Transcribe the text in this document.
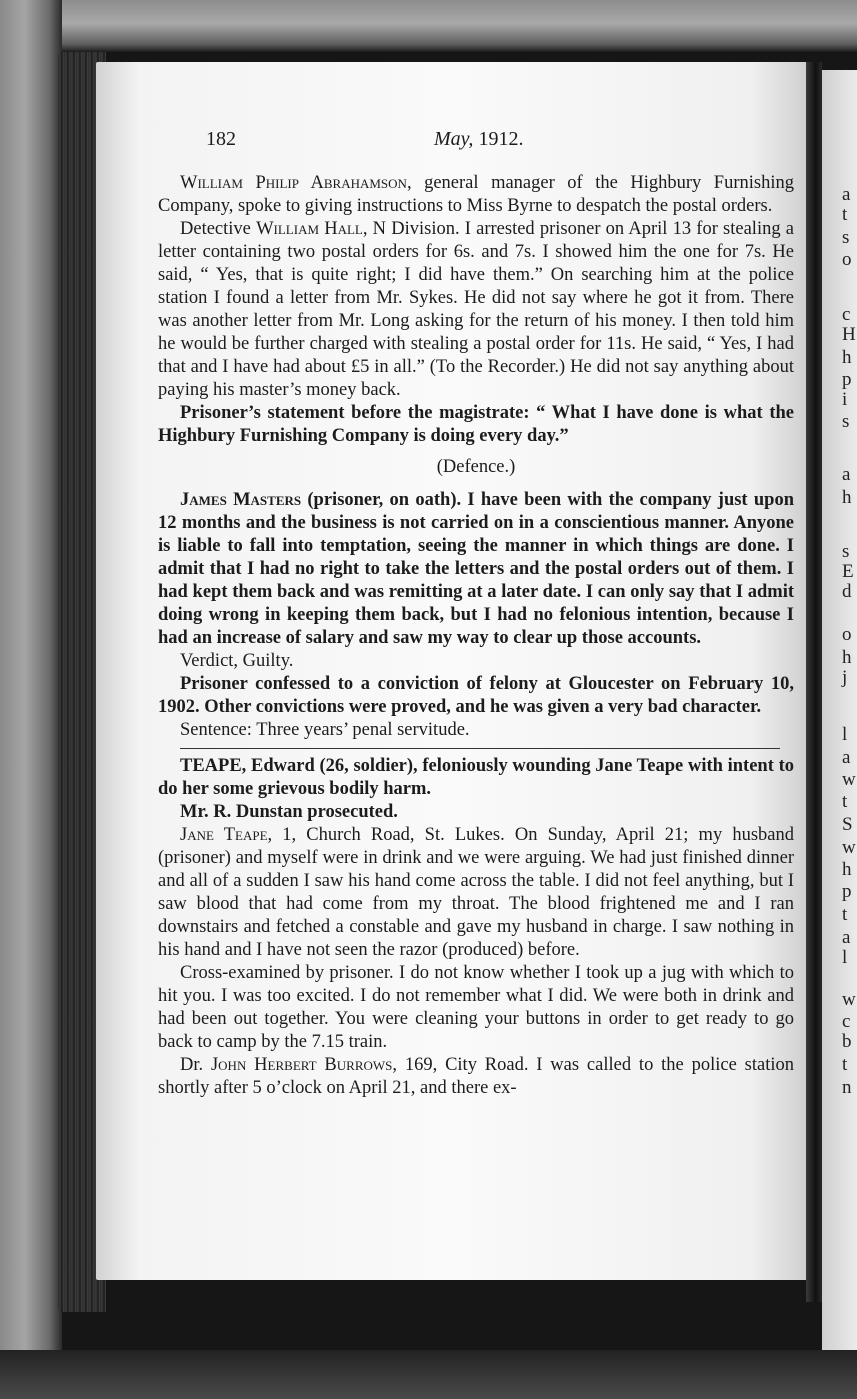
a
t
s
o
c
H
h
p
i
s
a
h
s
E
d
o
h
j
l
a
w
t
S
w
h
p
t
a
l
w
c
b
t
n
182	May, 1912.

William Philip Abrahamson, general manager of the Highbury Furnishing Company, spoke to giving instructions to Miss Byrne to despatch the postal orders.

Detective William Hall, N Division. I arrested prisoner on April 13 for stealing a letter containing two postal orders for 6s. and 7s. I showed him the one for 7s. He said, “ Yes, that is quite right; I did have them.” On searching him at the police station I found a letter from Mr. Sykes. He did not say where he got it from. There was another letter from Mr. Long asking for the return of his money. I then told him he would be further charged with stealing a postal order for 11s. He said, “ Yes, I had that and I have had about £5 in all.” (To the Recorder.) He did not say anything about paying his master’s money back.

Prisoner’s statement before the magistrate: “ What I have done is what the Highbury Furnishing Company is doing every day.”

(Defence.)

James Masters (prisoner, on oath). I have been with the company just upon 12 months and the business is not carried on in a conscientious manner. Anyone is liable to fall into temptation, seeing the manner in which things are done. I admit that I had no right to take the letters and the postal orders out of them. I had kept them back and was remitting at a later date. I can only say that I admit doing wrong in keeping them back, but I had no felonious intention, because I had an increase of salary and saw my way to clear up those accounts.

Verdict, Guilty.

Prisoner confessed to a conviction of felony at Gloucester on February 10, 1902. Other convictions were proved, and he was given a very bad character.

Sentence: Three years’ penal servitude.

TEAPE, Edward (26, soldier), feloniously wounding Jane Teape with intent to do her some grievous bodily harm.

Mr. R. Dunstan prosecuted.

Jane Teape, 1, Church Road, St. Lukes. On Sunday, April 21; my husband (prisoner) and myself were in drink and we were arguing. We had just finished dinner and all of a sudden I saw his hand come across the table. I did not feel anything, but I saw blood that had come from my throat. The blood frightened me and I ran downstairs and fetched a constable and gave my husband in charge. I saw nothing in his hand and I have not seen the razor (produced) before.

Cross-examined by prisoner. I do not know whether I took up a jug with which to hit you. I was too excited. I do not remember what I did. We were both in drink and had been out together. You were cleaning your buttons in order to get ready to go back to camp by the 7.15 train.

Dr. John Herbert Burrows, 169, City Road. I was called to the police station shortly after 5 o’clock on April 21, and there ex-
